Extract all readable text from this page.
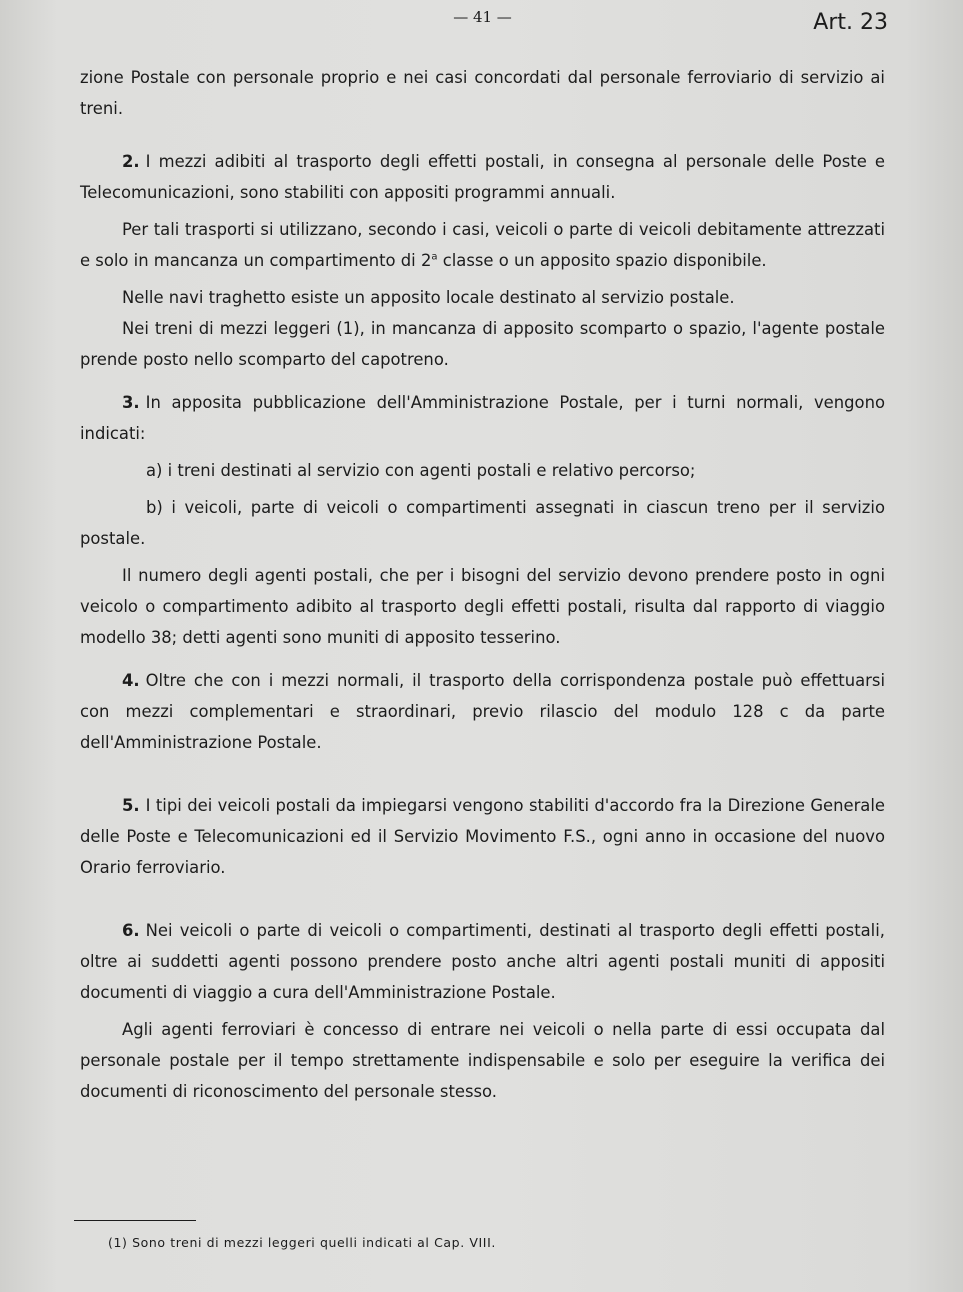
— 41 —	Art. 23

zione Postale con personale proprio e nei casi concordati dal personale ferroviario di servizio ai treni.

2. I mezzi adibiti al trasporto degli effetti postali, in consegna al personale delle Poste e Telecomunicazioni, sono stabiliti con appositi programmi annuali.

Per tali trasporti si utilizzano, secondo i casi, veicoli o parte di veicoli debitamente attrezzati e solo in mancanza un compartimento di 2$^a$ classe o un apposito spazio disponibile.

Nelle navi traghetto esiste un apposito locale destinato al servizio postale.

Nei treni di mezzi leggeri (1), in mancanza di apposito scomparto o spazio, l'agente postale prende posto nello scomparto del capotreno.

3. In apposita pubblicazione dell'Amministrazione Postale, per i turni normali, vengono indicati:

a) i treni destinati al servizio con agenti postali e relativo percorso;

b) i veicoli, parte di veicoli o compartimenti assegnati in ciascun treno per il servizio postale.

Il numero degli agenti postali, che per i bisogni del servizio devono prendere posto in ogni veicolo o compartimento adibito al trasporto degli effetti postali, risulta dal rapporto di viaggio modello 38; detti agenti sono muniti di apposito tesserino.

4. Oltre che con i mezzi normali, il trasporto della corrispondenza postale può effettuarsi con mezzi complementari e straordinari, previo rilascio del modulo 128 c da parte dell'Amministrazione Postale.

5. I tipi dei veicoli postali da impiegarsi vengono stabiliti d'accordo fra la Direzione Generale delle Poste e Telecomunicazioni ed il Servizio Movimento F.S., ogni anno in occasione del nuovo Orario ferroviario.

6. Nei veicoli o parte di veicoli o compartimenti, destinati al trasporto degli effetti postali, oltre ai suddetti agenti possono prendere posto anche altri agenti postali muniti di appositi documenti di viaggio a cura dell'Amministrazione Postale.

Agli agenti ferroviari è concesso di entrare nei veicoli o nella parte di essi occupata dal personale postale per il tempo strettamente indispensabile e solo per eseguire la verifica dei documenti di riconoscimento del personale stesso.

(1) Sono treni di mezzi leggeri quelli indicati al Cap. VIII.
